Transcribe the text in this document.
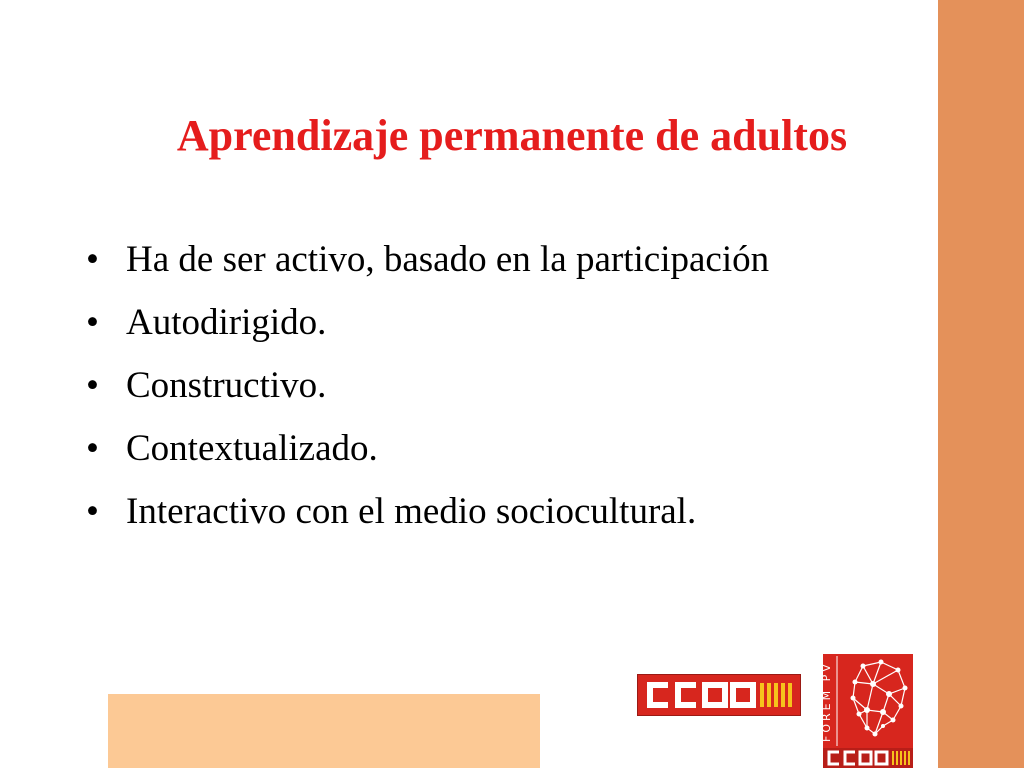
Aprendizaje permanente de adultos
• Ha de ser activo, basado en la participación
• Autodirigido.
• Constructivo.
• Contextualizado.
• Interactivo con el medio sociocultural.
FOREM PV
